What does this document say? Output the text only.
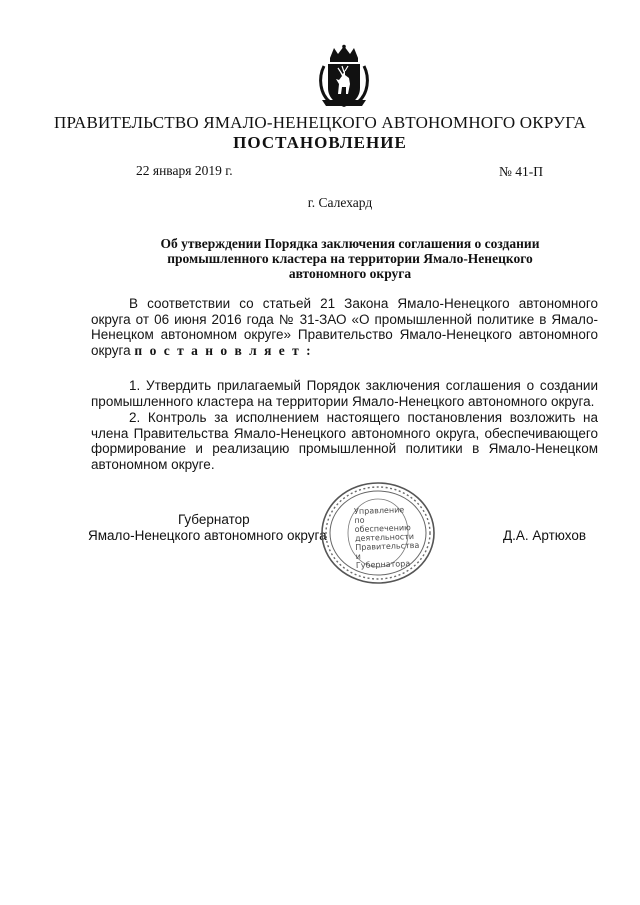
ПРАВИТЕЛЬСТВО ЯМАЛО-НЕНЕЦКОГО АВТОНОМНОГО ОКРУГА
ПОСТАНОВЛЕНИЕ
22 января 2019 г.	№ 41-П
г. Салехард
Об утверждении Порядка заключения соглашения о создании промышленного кластера на территории Ямало-Ненецкого автономного округа
В соответствии со статьей 21 Закона Ямало-Ненецкого автономного округа от 06 июня 2016 года № 31-ЗАО «О промышленной политике в Ямало-Ненецком автономном округе» Правительство Ямало-Ненецкого автономного округа п о с т а н о в л я е т :
1. Утвердить прилагаемый Порядок заключения соглашения о создании промышленного кластера на территории Ямало-Ненецкого автономного округа.
2. Контроль за исполнением настоящего постановления возложить на члена Правительства Ямало-Ненецкого автономного округа, обеспечивающего формирование и реализацию промышленной политики в Ямало-Ненецком автономном округе.
Губернатор
Ямало-Ненецкого автономного округа	Д.А. Артюхов
Управление по
обеспечению
деятельности
Правительства
и Губернатора
